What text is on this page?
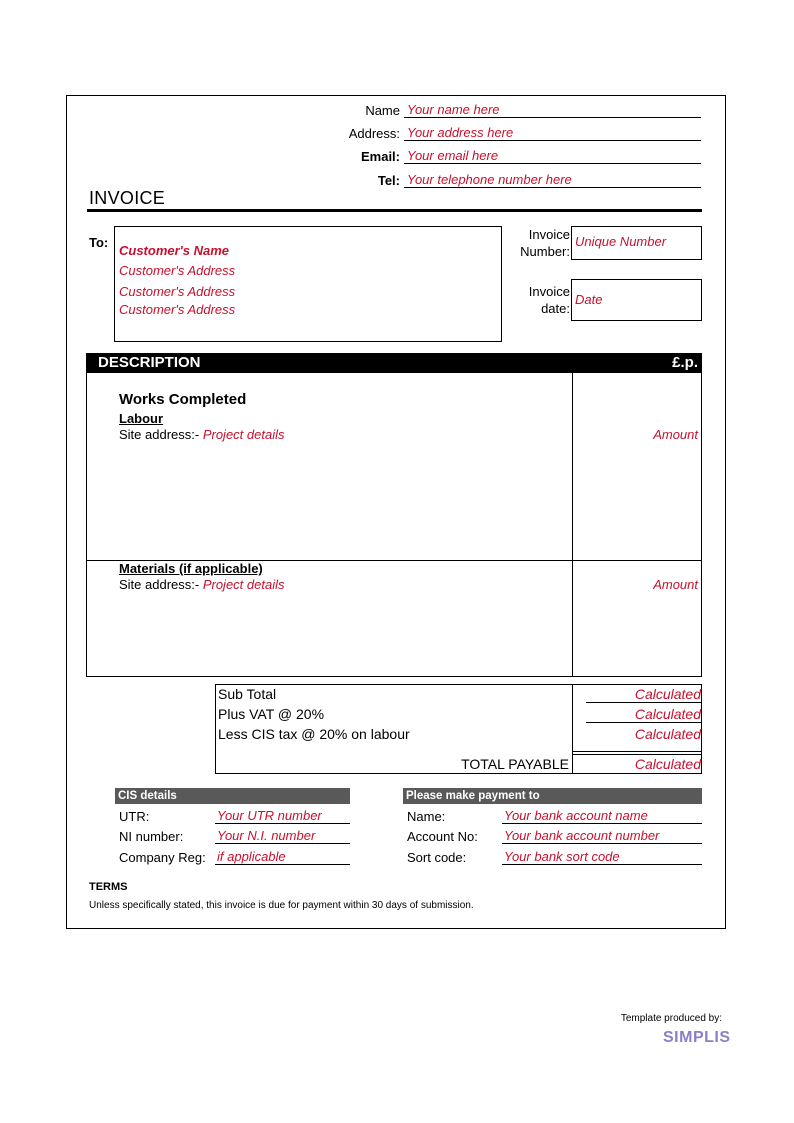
Name Your name here
Address: Your address here
Email: Your email here
Tel: Your telephone number here
INVOICE
To:
Customer's Name
Customer's Address
Customer's Address
Customer's Address
Invoice
Number:
Unique Number
Invoice
date:
Date
DESCRIPTION	£.p.
Works Completed
Labour
Site address:- Project details	Amount
Materials (if applicable)
Site address:- Project details	Amount
Sub Total	Calculated
Plus VAT @ 20%	Calculated
Less CIS tax @ 20% on labour	Calculated
TOTAL PAYABLE	Calculated
CIS details
UTR:	Your UTR number
NI number:	Your N.I. number
Company Reg: if applicable
Please make payment to
Name:	Your bank account name
Account No: Your bank account number
Sort code:	Your bank sort code
TERMS
Unless specifically stated, this invoice is due for payment within 30 days of submission.
Template produced by:
SIMPLIS
